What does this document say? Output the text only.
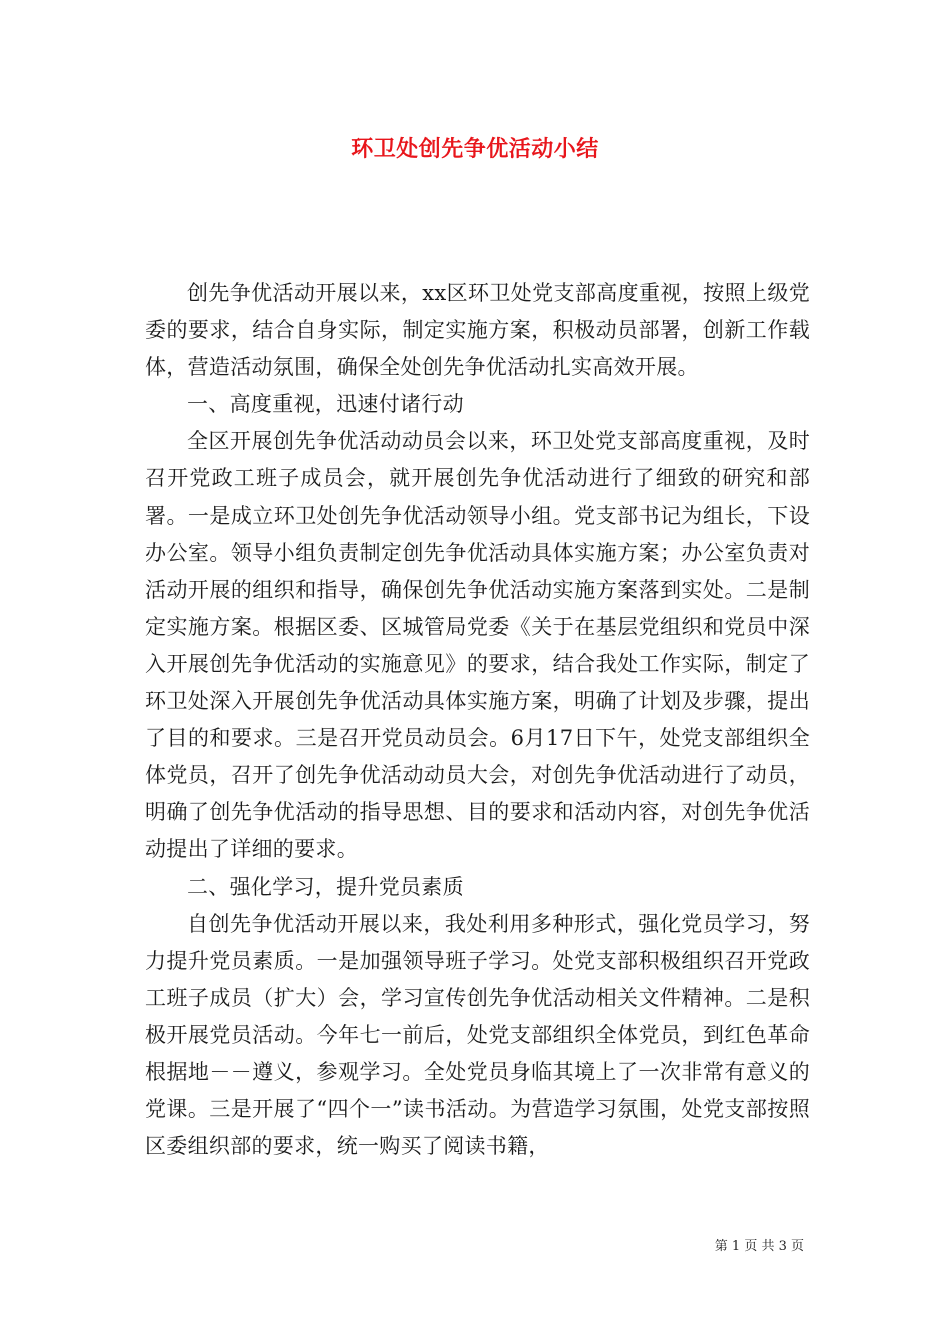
环卫处创先争优活动小结

创先争优活动开展以来，xx区环卫处党支部高度重视，按照上级党委的要求，结合自身实际，制定实施方案，积极动员部署，创新工作载体，营造活动氛围，确保全处创先争优活动扎实高效开展。

一、高度重视，迅速付诸行动

全区开展创先争优活动动员会以来，环卫处党支部高度重视，及时召开党政工班子成员会，就开展创先争优活动进行了细致的研究和部署。一是成立环卫处创先争优活动领导小组。党支部书记为组长，下设办公室。领导小组负责制定创先争优活动具体实施方案；办公室负责对活动开展的组织和指导，确保创先争优活动实施方案落到实处。二是制定实施方案。根据区委、区城管局党委《关于在基层党组织和党员中深入开展创先争优活动的实施意见》的要求，结合我处工作实际，制定了环卫处深入开展创先争优活动具体实施方案，明确了计划及步骤，提出了目的和要求。三是召开党员动员会。6月17日下午，处党支部组织全体党员，召开了创先争优活动动员大会，对创先争优活动进行了动员，明确了创先争优活动的指导思想、目的要求和活动内容，对创先争优活动提出了详细的要求。

二、强化学习，提升党员素质

自创先争优活动开展以来，我处利用多种形式，强化党员学习，努力提升党员素质。一是加强领导班子学习。处党支部积极组织召开党政工班子成员（扩大）会，学习宣传创先争优活动相关文件精神。二是积极开展党员活动。今年七一前后，处党支部组织全体党员，到红色革命根据地－－遵义，参观学习。全处党员身临其境上了一次非常有意义的党课。三是开展了“四个一”读书活动。为营造学习氛围，处党支部按照区委组织部的要求，统一购买了阅读书籍，

第 1 页 共 3 页
